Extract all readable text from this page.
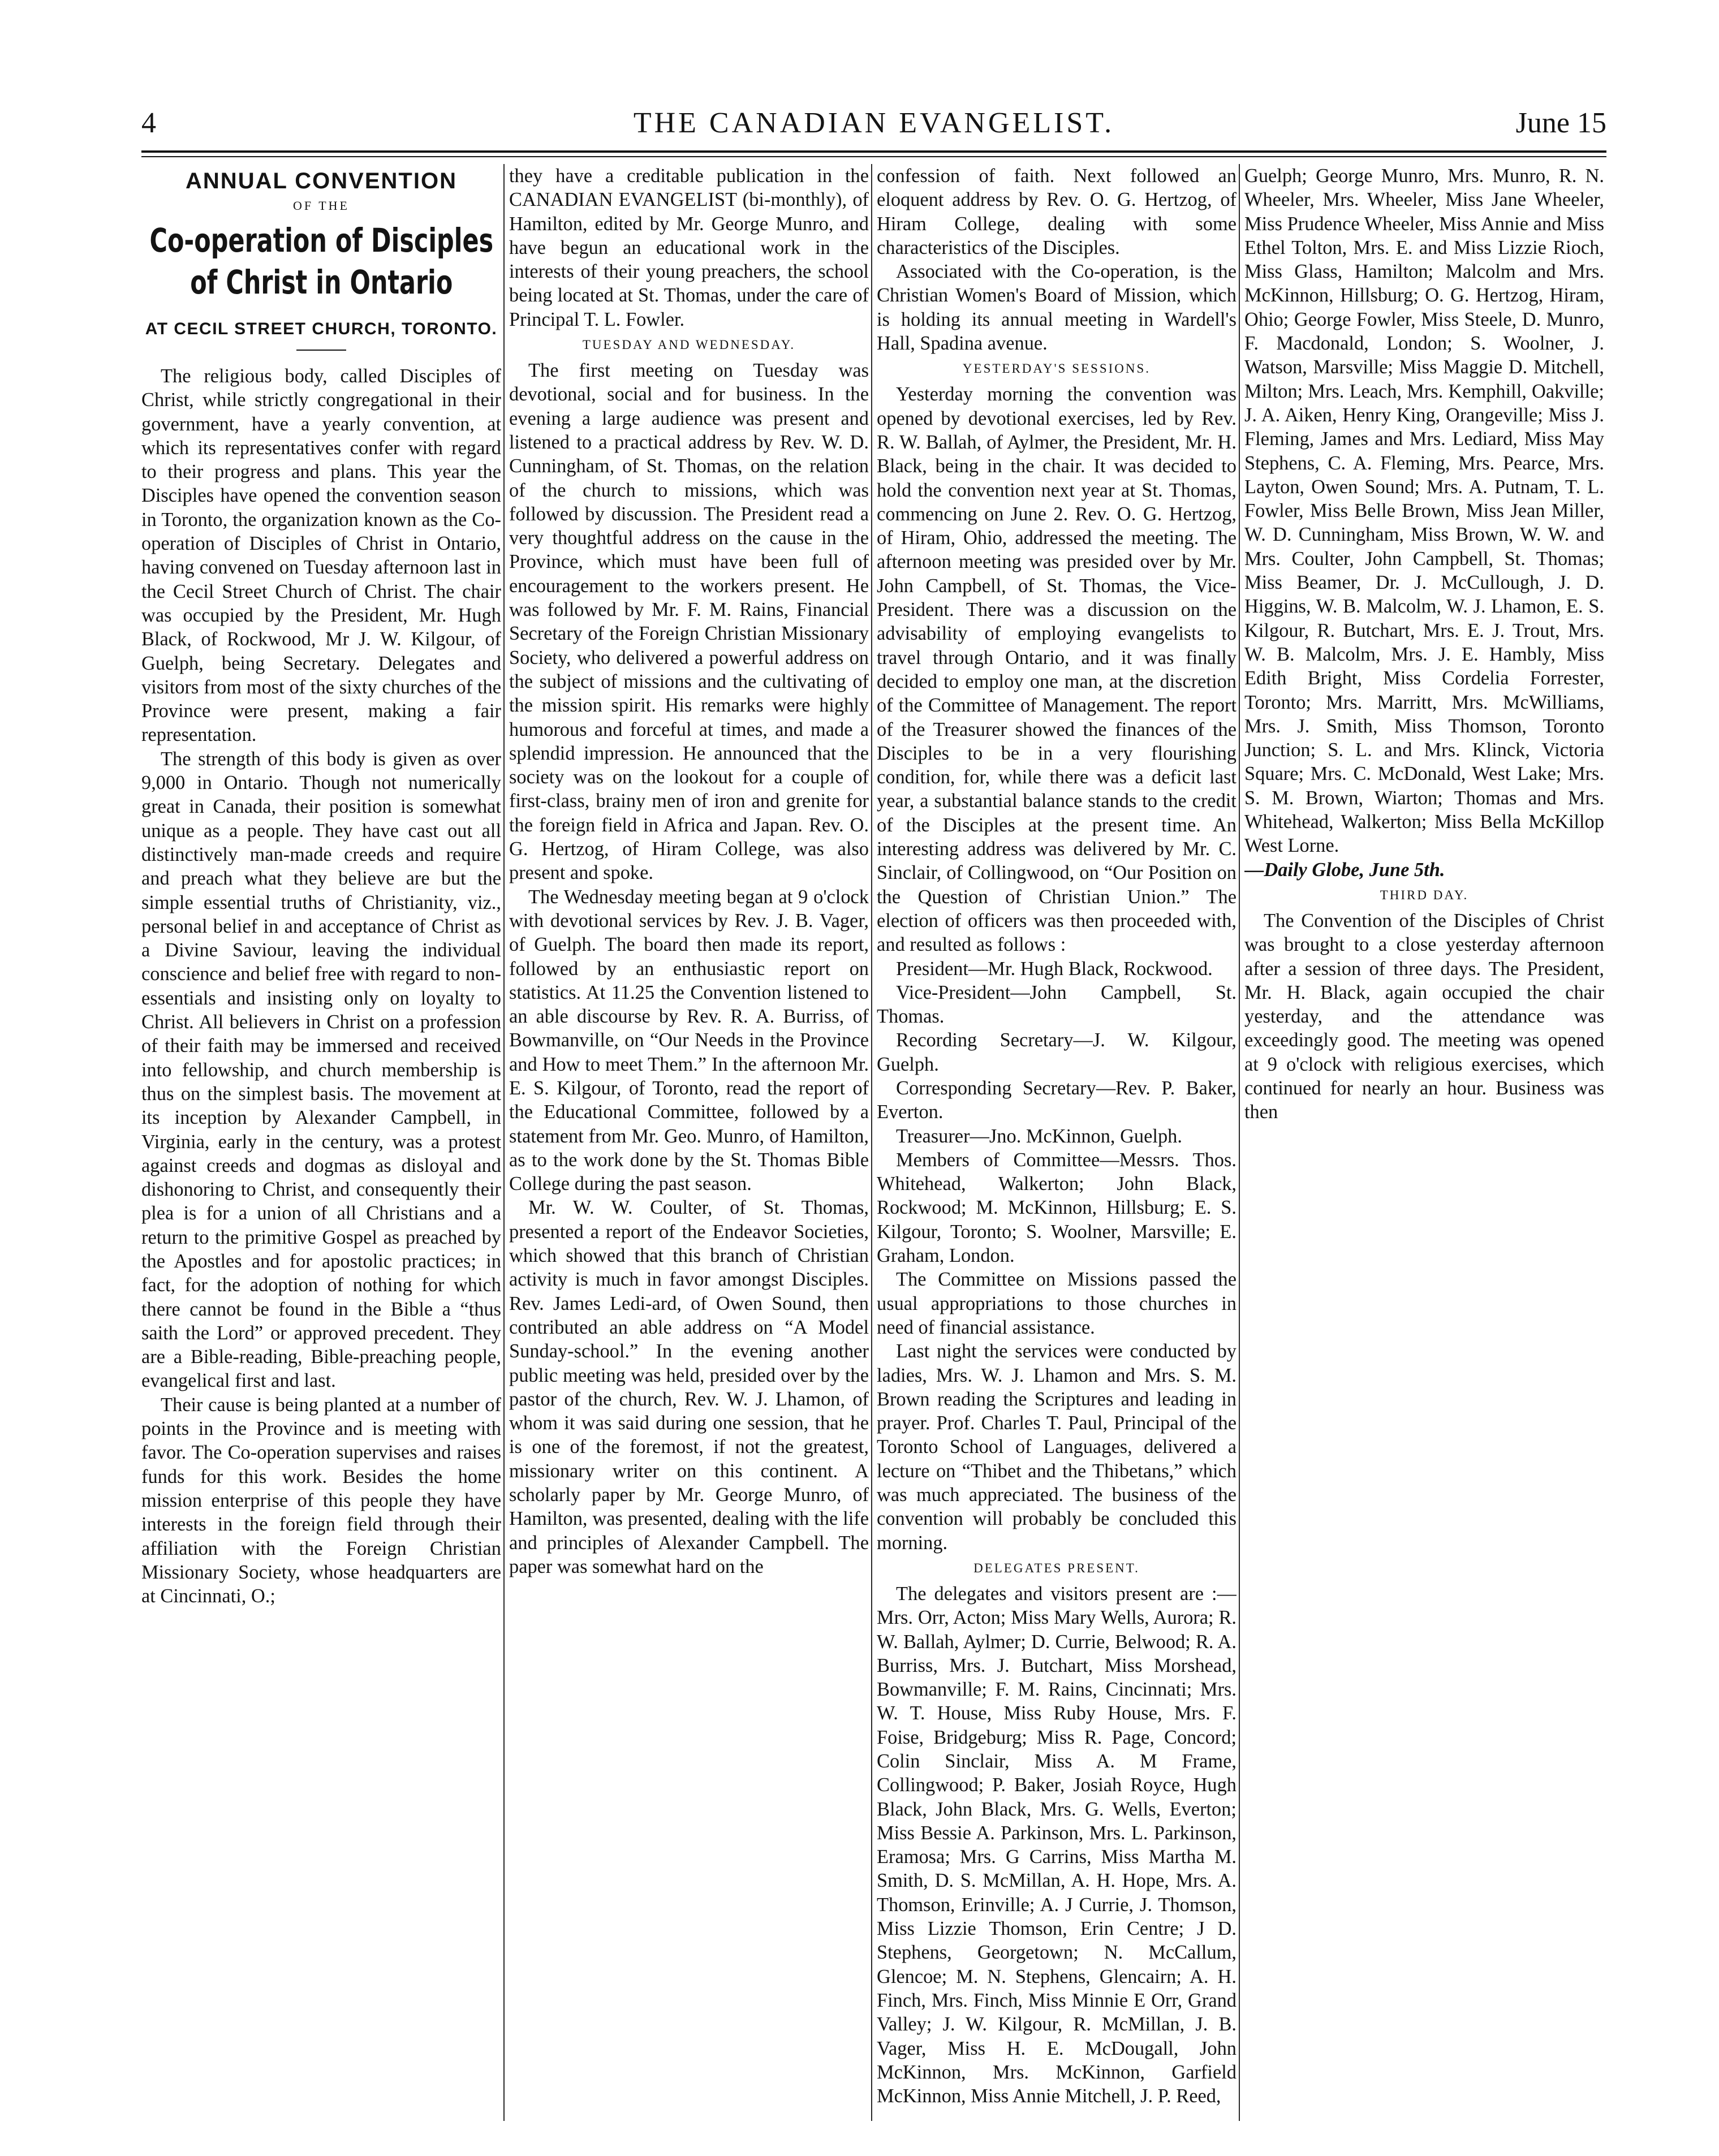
4	THE CANADIAN EVANGELIST.	June 15
ANNUAL CONVENTION
OF THE
Co-operation of Disciples of Christ in Ontario
AT CECIL STREET CHURCH, TORONTO.

The religious body, called Disciples of Christ, while strictly congregational in their government, have a yearly convention, at which its representatives confer with regard to their progress and plans. This year the Disciples have opened the convention season in Toronto, the organization known as the Co-operation of Disciples of Christ in Ontario, having convened on Tuesday afternoon last in the Cecil Street Church of Christ. The chair was occupied by the President, Mr. Hugh Black, of Rockwood, Mr J. W. Kilgour, of Guelph, being Secretary. Delegates and visitors from most of the sixty churches of the Province were present, making a fair representation.

The strength of this body is given as over 9,000 in Ontario. Though not numerically great in Canada, their position is somewhat unique as a people. They have cast out all distinctively man-made creeds and require and preach what they believe are but the simple essential truths of Christianity, viz., personal belief in and acceptance of Christ as a Divine Saviour, leaving the individual conscience and belief free with regard to non-essentials and insisting only on loyalty to Christ. All believers in Christ on a profession of their faith may be immersed and received into fellowship, and church membership is thus on the simplest basis. The movement at its inception by Alexander Campbell, in Virginia, early in the century, was a protest against creeds and dogmas as disloyal and dishonoring to Christ, and consequently their plea is for a union of all Christians and a return to the primitive Gospel as preached by the Apostles and for apostolic practices; in fact, for the adoption of nothing for which there cannot be found in the Bible a “thus saith the Lord” or approved precedent. They are a Bible-reading, Bible-preaching people, evangelical first and last.

Their cause is being planted at a number of points in the Province and is meeting with favor. The Co-operation supervises and raises funds for this work. Besides the home mission enterprise of this people they have interests in the foreign field through their affiliation with the Foreign Christian Missionary Society, whose headquarters are at Cincinnati, O.;

they have a creditable publication in the CANADIAN EVANGELIST (bi-monthly), of Hamilton, edited by Mr. George Munro, and have begun an educational work in the interests of their young preachers, the school being located at St. Thomas, under the care of Principal T. L. Fowler.

TUESDAY AND WEDNESDAY.

The first meeting on Tuesday was devotional, social and for business. In the evening a large audience was present and listened to a practical address by Rev. W. D. Cunningham, of St. Thomas, on the relation of the church to missions, which was followed by discussion. The President read a very thoughtful address on the cause in the Province, which must have been full of encouragement to the workers present. He was followed by Mr. F. M. Rains, Financial Secretary of the Foreign Christian Missionary Society, who delivered a powerful address on the subject of missions and the cultivating of the mission spirit. His remarks were highly humorous and forceful at times, and made a splendid impression. He announced that the society was on the lookout for a couple of first-class, brainy men of iron and grenite for the foreign field in Africa and Japan. Rev. O. G. Hertzog, of Hiram College, was also present and spoke.

The Wednesday meeting began at 9 o'clock with devotional services by Rev. J. B. Vager, of Guelph. The board then made its report, followed by an enthusiastic report on statistics. At 11.25 the Convention listened to an able discourse by Rev. R. A. Burriss, of Bowmanville, on “Our Needs in the Province and How to meet Them.” In the afternoon Mr. E. S. Kilgour, of Toronto, read the report of the Educational Committee, followed by a statement from Mr. Geo. Munro, of Hamilton, as to the work done by the St. Thomas Bible College during the past season.

Mr. W. W. Coulter, of St. Thomas, presented a report of the Endeavor Societies, which showed that this branch of Christian activity is much in favor amongst Disciples. Rev. James Ledi-ard, of Owen Sound, then contributed an able address on “A Model Sunday-school.” In the evening another public meeting was held, presided over by the pastor of the church, Rev. W. J. Lhamon, of whom it was said during one session, that he is one of the foremost, if not the greatest, missionary writer on this continent. A scholarly paper by Mr. George Munro, of Hamilton, was presented, dealing with the life and principles of Alexander Campbell. The paper was somewhat hard on the

confession of faith. Next followed an eloquent address by Rev. O. G. Hertzog, of Hiram College, dealing with some characteristics of the Disciples.

Associated with the Co-operation, is the Christian Women's Board of Mission, which is holding its annual meeting in Wardell's Hall, Spadina avenue.

YESTERDAY'S SESSIONS.

Yesterday morning the convention was opened by devotional exercises, led by Rev. R. W. Ballah, of Aylmer, the President, Mr. H. Black, being in the chair. It was decided to hold the convention next year at St. Thomas, commencing on June 2. Rev. O. G. Hertzog, of Hiram, Ohio, addressed the meeting. The afternoon meeting was presided over by Mr. John Campbell, of St. Thomas, the Vice-President. There was a discussion on the advisability of employing evangelists to travel through Ontario, and it was finally decided to employ one man, at the discretion of the Committee of Management. The report of the Treasurer showed the finances of the Disciples to be in a very flourishing condition, for, while there was a deficit last year, a substantial balance stands to the credit of the Disciples at the present time. An interesting address was delivered by Mr. C. Sinclair, of Collingwood, on “Our Position on the Question of Christian Union.” The election of officers was then proceeded with, and resulted as follows :

President—Mr. Hugh Black, Rockwood.

Vice-President—John Campbell, St. Thomas.

Recording Secretary—J. W. Kilgour, Guelph.

Corresponding Secretary—Rev. P. Baker, Everton.

Treasurer—Jno. McKinnon, Guelph.

Members of Committee—Messrs. Thos. Whitehead, Walkerton; John Black, Rockwood; M. McKinnon, Hillsburg; E. S. Kilgour, Toronto; S. Woolner, Marsville; E. Graham, London.

The Committee on Missions passed the usual appropriations to those churches in need of financial assistance.

Last night the services were conducted by ladies, Mrs. W. J. Lhamon and Mrs. S. M. Brown reading the Scriptures and leading in prayer. Prof. Charles T. Paul, Principal of the Toronto School of Languages, delivered a lecture on “Thibet and the Thibetans,” which was much appreciated. The business of the convention will probably be concluded this morning.

DELEGATES PRESENT.

The delegates and visitors present are :—Mrs. Orr, Acton; Miss Mary Wells, Aurora; R. W. Ballah, Aylmer; D. Currie, Belwood; R. A. Burriss, Mrs. J. Butchart, Miss Morshead, Bowmanville; F. M. Rains, Cincinnati; Mrs. W. T. House, Miss Ruby House, Mrs. F. Foise, Bridgeburg; Miss R. Page, Concord; Colin Sinclair, Miss A. M Frame, Collingwood; P. Baker, Josiah Royce, Hugh Black, John Black, Mrs. G. Wells, Everton; Miss Bessie A. Parkinson, Mrs. L. Parkinson, Eramosa; Mrs. G Carrins, Miss Martha M. Smith, D. S. McMillan, A. H. Hope, Mrs. A. Thomson, Erinville; A. J Currie, J. Thomson, Miss Lizzie Thomson, Erin Centre; J D. Stephens, Georgetown; N. McCallum, Glencoe; M. N. Stephens, Glencairn; A. H. Finch, Mrs. Finch, Miss Minnie E Orr, Grand Valley; J. W. Kilgour, R. McMillan, J. B. Vager, Miss H. E. McDougall, John McKinnon, Mrs. McKinnon, Garfield McKinnon, Miss Annie Mitchell, J. P. Reed,

Guelph; George Munro, Mrs. Munro, R. N. Wheeler, Mrs. Wheeler, Miss Jane Wheeler, Miss Prudence Wheeler, Miss Annie and Miss Ethel Tolton, Mrs. E. and Miss Lizzie Rioch, Miss Glass, Hamilton; Malcolm and Mrs. McKinnon, Hillsburg; O. G. Hertzog, Hiram, Ohio; George Fowler, Miss Steele, D. Munro, F. Macdonald, London; S. Woolner, J. Watson, Marsville; Miss Maggie D. Mitchell, Milton; Mrs. Leach, Mrs. Kemphill, Oakville; J. A. Aiken, Henry King, Orangeville; Miss J. Fleming, James and Mrs. Lediard, Miss May Stephens, C. A. Fleming, Mrs. Pearce, Mrs. Layton, Owen Sound; Mrs. A. Putnam, T. L. Fowler, Miss Belle Brown, Miss Jean Miller, W. D. Cunningham, Miss Brown, W. W. and Mrs. Coulter, John Campbell, St. Thomas; Miss Beamer, Dr. J. McCullough, J. D. Higgins, W. B. Malcolm, W. J. Lhamon, E. S. Kilgour, R. Butchart, Mrs. E. J. Trout, Mrs. W. B. Malcolm, Mrs. J. E. Hambly, Miss Edith Bright, Miss Cordelia Forrester, Toronto; Mrs. Marritt, Mrs. McWilliams, Mrs. J. Smith, Miss Thomson, Toronto Junction; S. L. and Mrs. Klinck, Victoria Square; Mrs. C. McDonald, West Lake; Mrs. S. M. Brown, Wiarton; Thomas and Mrs. Whitehead, Walkerton; Miss Bella McKillop West Lorne.

—Daily Globe, June 5th.

THIRD DAY.

The Convention of the Disciples of Christ was brought to a close yesterday afternoon after a session of three days. The President, Mr. H. Black, again occupied the chair yesterday, and the attendance was exceedingly good. The meeting was opened at 9 o'clock with religious exercises, which continued for nearly an hour. Business was then
